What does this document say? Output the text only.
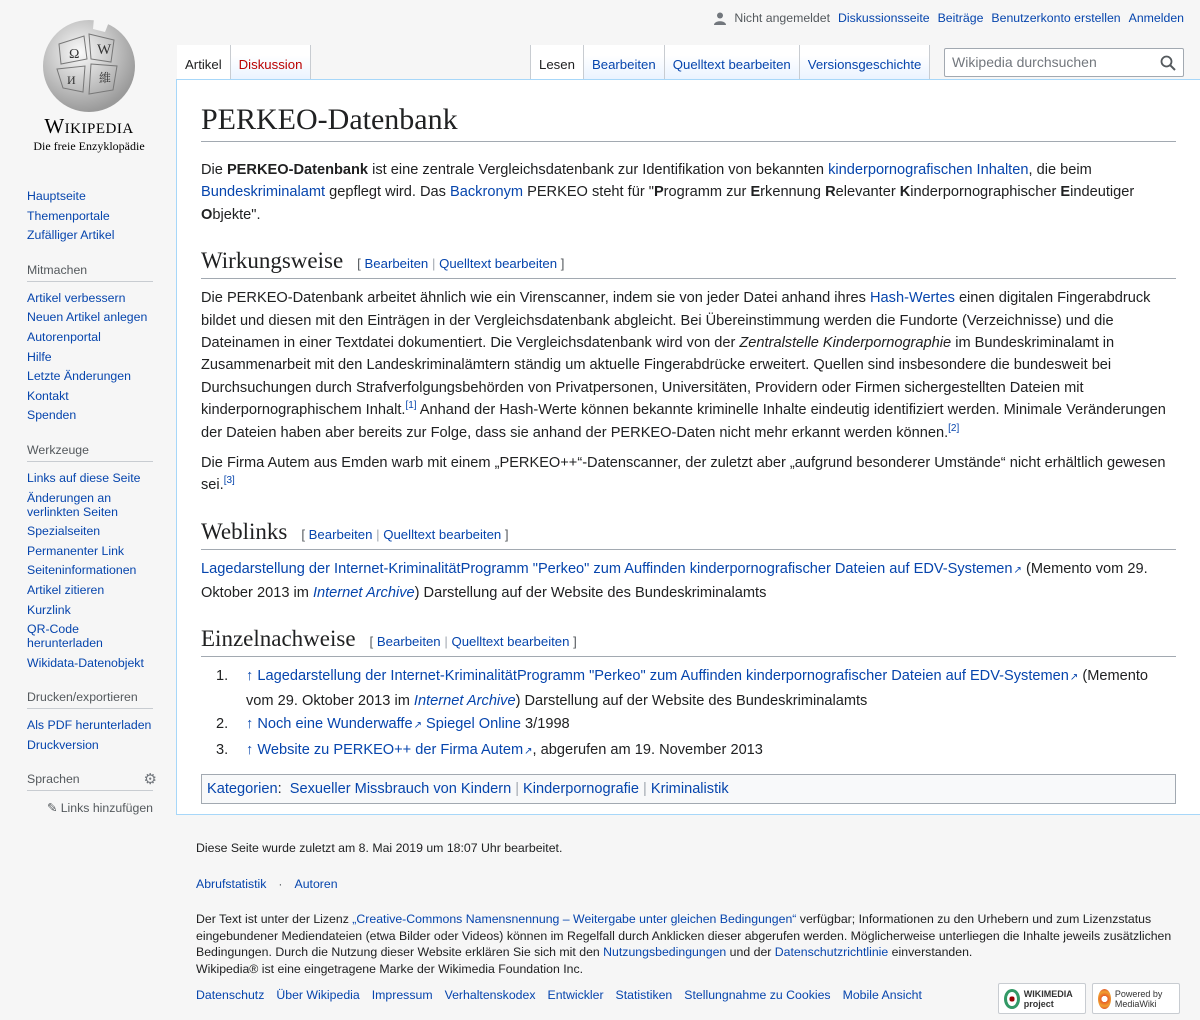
Ω W
И 維
Wikipedia
Die freie Enzyklopädie
Nicht angemeldet Diskussionsseite Beiträge Benutzerkonto erstellen Anmelden
Artikel	Diskussion	Lesen	Bearbeiten	Quelltext bearbeiten	Versionsgeschichte
Wikipedia durchsuchen
Hauptseite
Themenportale
Zufälliger Artikel
Mitmachen
Artikel verbessern
Neuen Artikel anlegen
Autorenportal
Hilfe
Letzte Änderungen
Kontakt
Spenden
Werkzeuge
Links auf diese Seite
Änderungen an verlinkten Seiten
Spezialseiten
Permanenter Link
Seiteninformationen
Artikel zitieren
Kurzlink
QR-Code herunterladen
Wikidata-Datenobjekt
Drucken/exportieren
Als PDF herunterladen
Druckversion
Sprachen	⚙
✎ Links hinzufügen
PERKEO-Datenbank

Die PERKEO-Datenbank ist eine zentrale Vergleichsdatenbank zur Identifikation von bekannten kinderpornografischen Inhalten, die beim Bundeskriminalamt gepflegt wird. Das Backronym PERKEO steht für "Programm zur Erkennung Relevanter Kinderpornographischer Eindeutiger Objekte".

Wirkungsweise [ Bearbeiten | Quelltext bearbeiten ]

Die PERKEO-Datenbank arbeitet ähnlich wie ein Virenscanner, indem sie von jeder Datei anhand ihres Hash-Wertes einen digitalen Fingerabdruck bildet und diesen mit den Einträgen in der Vergleichsdatenbank abgleicht. Bei Übereinstimmung werden die Fundorte (Verzeichnisse) und die Dateinamen in einer Textdatei dokumentiert. Die Vergleichsdatenbank wird von der Zentralstelle Kinderpornographie im Bundeskriminalamt in Zusammenarbeit mit den Landeskriminalämtern ständig um aktuelle Fingerabdrücke erweitert. Quellen sind insbesondere die bundesweit bei Durchsuchungen durch Strafverfolgungsbehörden von Privatpersonen, Universitäten, Providern oder Firmen sichergestellten Dateien mit kinderpornographischem Inhalt.[1] Anhand der Hash-Werte können bekannte kriminelle Inhalte eindeutig identifiziert werden. Minimale Veränderungen der Dateien haben aber bereits zur Folge, dass sie anhand der PERKEO-Daten nicht mehr erkannt werden können.[2]

Die Firma Autem aus Emden warb mit einem „PERKEO++“-Datenscanner, der zuletzt aber „aufgrund besonderer Umstände“ nicht erhältlich gewesen sei.[3]

Weblinks [ Bearbeiten | Quelltext bearbeiten ]

Lagedarstellung der Internet-KriminalitätProgramm "Perkeo" zum Auffinden kinderpornografischer Dateien auf EDV-Systemen ↗ (Memento vom 29. Oktober 2013 im Internet Archive) Darstellung auf der Website des Bundeskriminalamts

Einzelnachweise [ Bearbeiten | Quelltext bearbeiten ]
1. ↑ Lagedarstellung der Internet-KriminalitätProgramm "Perkeo" zum Auffinden kinderpornografischer Dateien auf EDV-Systemen ↗ (Memento vom 29. Oktober 2013 im Internet Archive) Darstellung auf der Website des Bundeskriminalamts
2. ↑ Noch eine Wunderwaffe ↗ Spiegel Online 3/1998
3. ↑ Website zu PERKEO++ der Firma Autem ↗ , abgerufen am 19. November 2013
Kategorien:  Sexueller Missbrauch von Kindern | Kinderpornografie | Kriminalistik

Diese Seite wurde zuletzt am 8. Mai 2019 um 18:07 Uhr bearbeitet.

Abrufstatistik · Autoren

Der Text ist unter der Lizenz „Creative-Commons Namensnennung – Weitergabe unter gleichen Bedingungen“ verfügbar; Informationen zu den Urhebern und zum Lizenzstatus eingebundener Mediendateien (etwa Bilder oder Videos) können im Regelfall durch Anklicken dieser abgerufen werden. Möglicherweise unterliegen die Inhalte jeweils zusätzlichen Bedingungen. Durch die Nutzung dieser Website erklären Sie sich mit den Nutzungsbedingungen und der Datenschutzrichtlinie einverstanden.

Wikipedia® ist eine eingetragene Marke der Wikimedia Foundation Inc.

Datenschutz Über Wikipedia Impressum Verhaltenskodex Entwickler Statistiken Stellungnahme zu Cookies Mobile Ansicht	WIKIMEDIA project
Powered by MediaWiki
